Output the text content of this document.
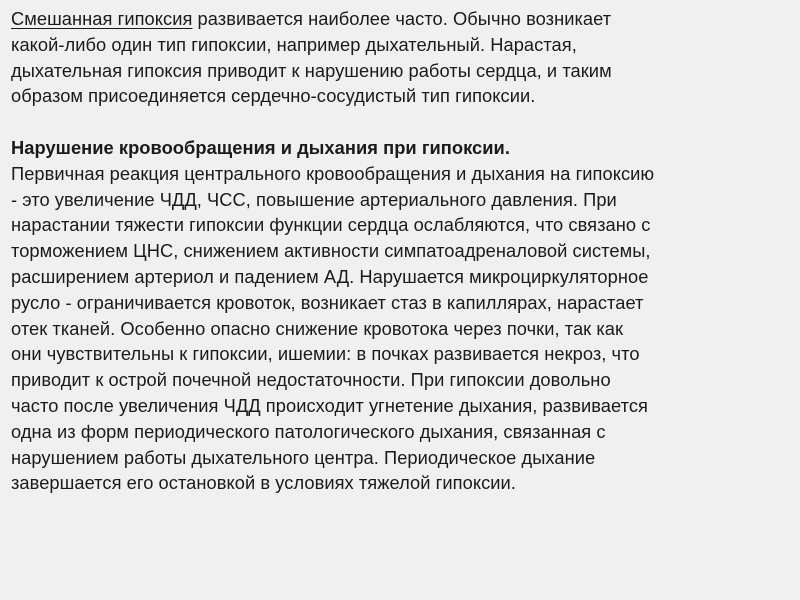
Смешанная гипоксия развивается наиболее часто. Обычно возникает
какой-либо один тип гипоксии, например дыхательный. Нарастая,
дыхательная гипоксия приводит к нарушению работы сердца, и таким
образом присоединяется сердечно-сосудистый тип гипоксии.

Нарушение кровообращения и дыхания при гипоксии.

Первичная реакция центрального кровообращения и дыхания на гипоксию
- это увеличение ЧДД, ЧСС, повышение артериального давления. При
нарастании тяжести гипоксии функции сердца ослабляются, что связано с
торможением ЦНС, снижением активности симпатоадреналовой системы,
расширением артериол и падением АД. Нарушается микроциркуляторное
русло - ограничивается кровоток, возникает стаз в капиллярах, нарастает
отек тканей. Особенно опасно снижение кровотока через почки, так как
они чувствительны к гипоксии, ишемии: в почках развивается некроз, что
приводит к острой почечной недостаточности. При гипоксии довольно
часто после увеличения ЧДД происходит угнетение дыхания, развивается
одна из форм периодического патологического дыхания, связанная с
нарушением работы дыхательного центра. Периодическое дыхание
завершается его остановкой в условиях тяжелой гипоксии.
